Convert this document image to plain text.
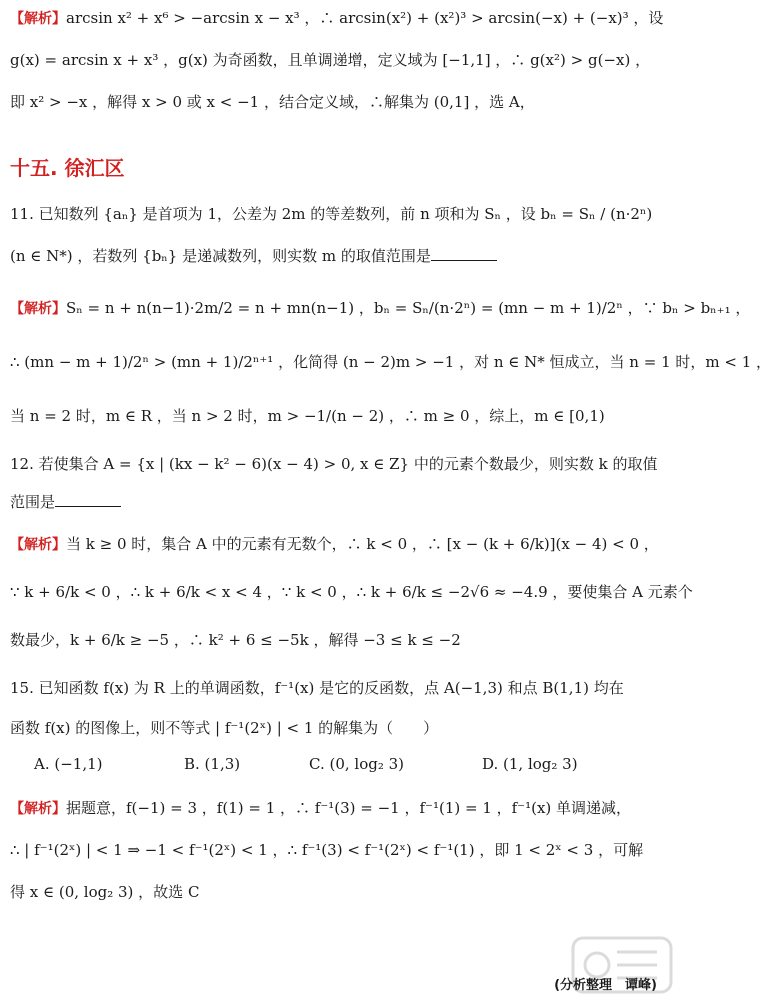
【解析】arcsin x² + x⁶ > −arcsin x − x³ ，∴ arcsin(x²) + (x²)³ > arcsin(−x) + (−x)³ ，设
g(x) = arcsin x + x³ ，g(x) 为奇函数，且单调递增，定义域为 [−1,1] ，∴ g(x²) > g(−x) ，
即 x² > −x ，解得 x > 0 或 x < −1 ，结合定义域，∴解集为 (0,1] ，选 A，
十五. 徐汇区
11. 已知数列 {aₙ} 是首项为 1，公差为 2m 的等差数列，前 n 项和为 Sₙ ，设 bₙ = Sₙ / (n·2ⁿ)
(n ∈ N*) ，若数列 {bₙ} 是递减数列，则实数 m 的取值范围是
【解析】Sₙ = n + n(n−1)·2m/2 = n + mn(n−1) ，bₙ = Sₙ/(n·2ⁿ) = (mn − m + 1)/2ⁿ ，∵ bₙ > bₙ₊₁ ，
∴ (mn − m + 1)/2ⁿ > (mn + 1)/2ⁿ⁺¹ ，化简得 (n − 2)m > −1 ，对 n ∈ N* 恒成立，当 n = 1 时，m < 1 ，
当 n = 2 时，m ∈ R ，当 n > 2 时，m > −1/(n − 2) ，∴ m ≥ 0 ，综上，m ∈ [0,1)
12. 若使集合 A = {x | (kx − k² − 6)(x − 4) > 0, x ∈ Z} 中的元素个数最少，则实数 k 的取值
范围是
【解析】当 k ≥ 0 时，集合 A 中的元素有无数个，∴ k < 0 ，∴ [x − (k + 6/k)](x − 4) < 0 ，
∵ k + 6/k < 0 ，∴ k + 6/k < x < 4 ，∵ k < 0 ，∴ k + 6/k ≤ −2√6 ≈ −4.9 ，要使集合 A 元素个
数最少，k + 6/k ≥ −5 ，∴ k² + 6 ≤ −5k ，解得 −3 ≤ k ≤ −2
15. 已知函数 f(x) 为 R 上的单调函数，f⁻¹(x) 是它的反函数，点 A(−1,3) 和点 B(1,1) 均在
函数 f(x) 的图像上，则不等式 | f⁻¹(2ˣ) | < 1 的解集为（　　）
A. (−1,1)	B. (1,3)	C. (0, log₂ 3)	D. (1, log₂ 3)
【解析】据题意，f(−1) = 3 ，f(1) = 1 ，∴ f⁻¹(3) = −1 ，f⁻¹(1) = 1 ，f⁻¹(x) 单调递减，
∴ | f⁻¹(2ˣ) | < 1 ⇒ −1 < f⁻¹(2ˣ) < 1 ，∴ f⁻¹(3) < f⁻¹(2ˣ) < f⁻¹(1) ，即 1 < 2ˣ < 3 ，可解
得 x ∈ (0, log₂ 3) ，故选 C
(分析整理　谭峰)
